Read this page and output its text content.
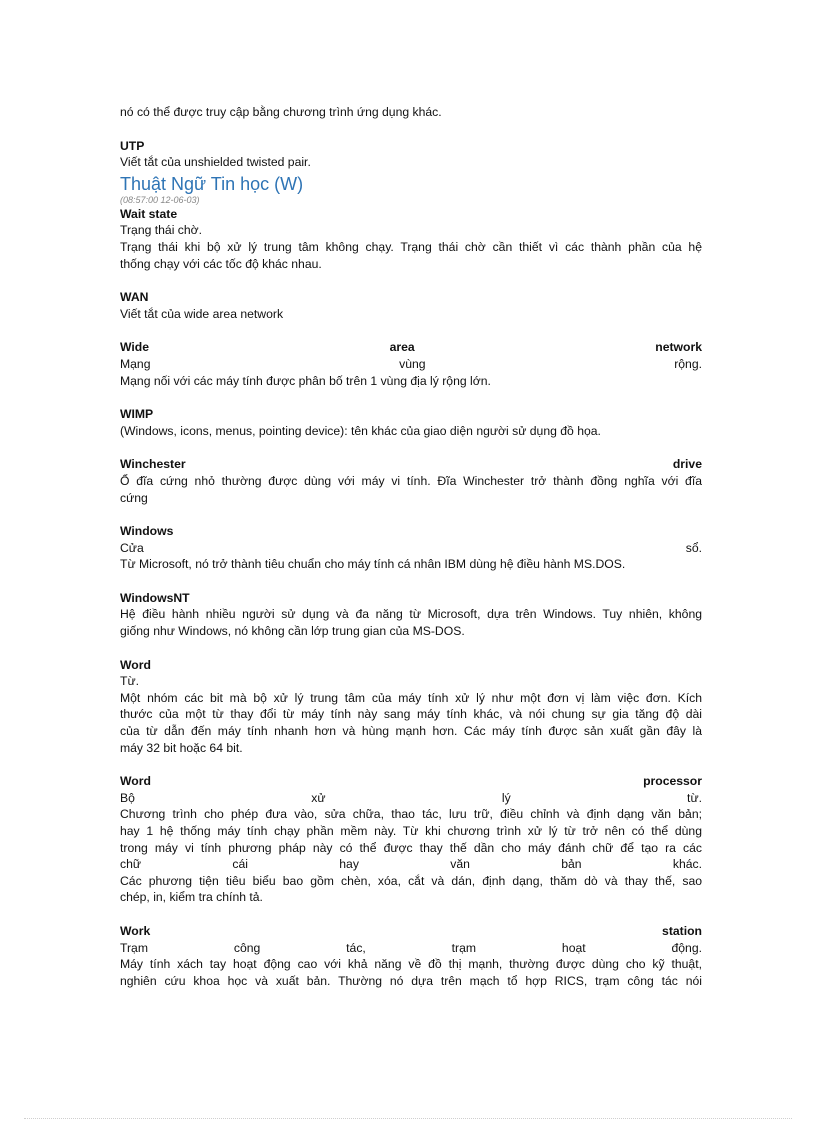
nó có thể được truy cập bằng chương trình ứng dụng khác.
UTP
Viết tắt của unshielded twisted pair.
Thuật Ngữ Tin học (W)
(08:57:00 12-06-03)
Wait state
Trạng thái chờ.
Trạng thái khi bộ xử lý trung tâm không chạy. Trạng thái chờ cần thiết vì các thành phần của hệ
thống chạy với các tốc độ khác nhau.
WAN
Viết tắt của wide area network
Wide area network
Mạng vùng rộng.
Mạng nối với các máy tính được phân bố trên 1 vùng địa lý rộng lớn.
WIMP
(Windows, icons, menus, pointing device): tên khác của giao diện người sử dụng đồ họa.
Winchester drive
Ổ đĩa cứng nhỏ thường được dùng với máy vi tính. Đĩa Winchester trở thành đồng nghĩa với đĩa
cứng
Windows
Cửa sổ.
Từ Microsoft, nó trở thành tiêu chuẩn cho máy tính cá nhân IBM dùng hệ điều hành MS.DOS.
WindowsNT
Hệ điều hành nhiều người sử dụng và đa năng từ Microsoft, dựa trên Windows. Tuy nhiên, không
giống như Windows, nó không cần lớp trung gian của MS-DOS.
Word
Từ.
Một nhóm các bit mà bộ xử lý trung tâm của máy tính xử lý như một đơn vị làm việc đơn. Kích
thước của một từ thay đổi từ máy tính này sang máy tính khác, và nói chung sự gia tăng độ dài
của từ dẫn đến máy tính nhanh hơn và hùng mạnh hơn. Các máy tính được sản xuất gần đây là
máy 32 bit hoặc 64 bit.
Word processor
Bộ xử lý từ.
Chương trình cho phép đưa vào, sửa chữa, thao tác, lưu trữ, điều chỉnh và định dạng văn bản;
hay 1 hệ thống máy tính chạy phần mềm này. Từ khi chương trình xử lý từ trở nên có thể dùng
trong máy vi tính phương pháp này có thể được thay thế dần cho máy đánh chữ để tạo ra các
chữ cái hay văn bản khác.
Các phương tiện tiêu biểu bao gồm chèn, xóa, cắt và dán, định dạng, thăm dò và thay thế, sao
chép, in, kiểm tra chính tả.
Work station
Trạm công tác, trạm hoạt động.
Máy tính xách tay hoạt động cao với khả năng về đồ thị mạnh, thường được dùng cho kỹ thuật,
nghiên cứu khoa học và xuất bản. Thường nó dựa trên mạch tổ hợp RICS, trạm công tác nói
